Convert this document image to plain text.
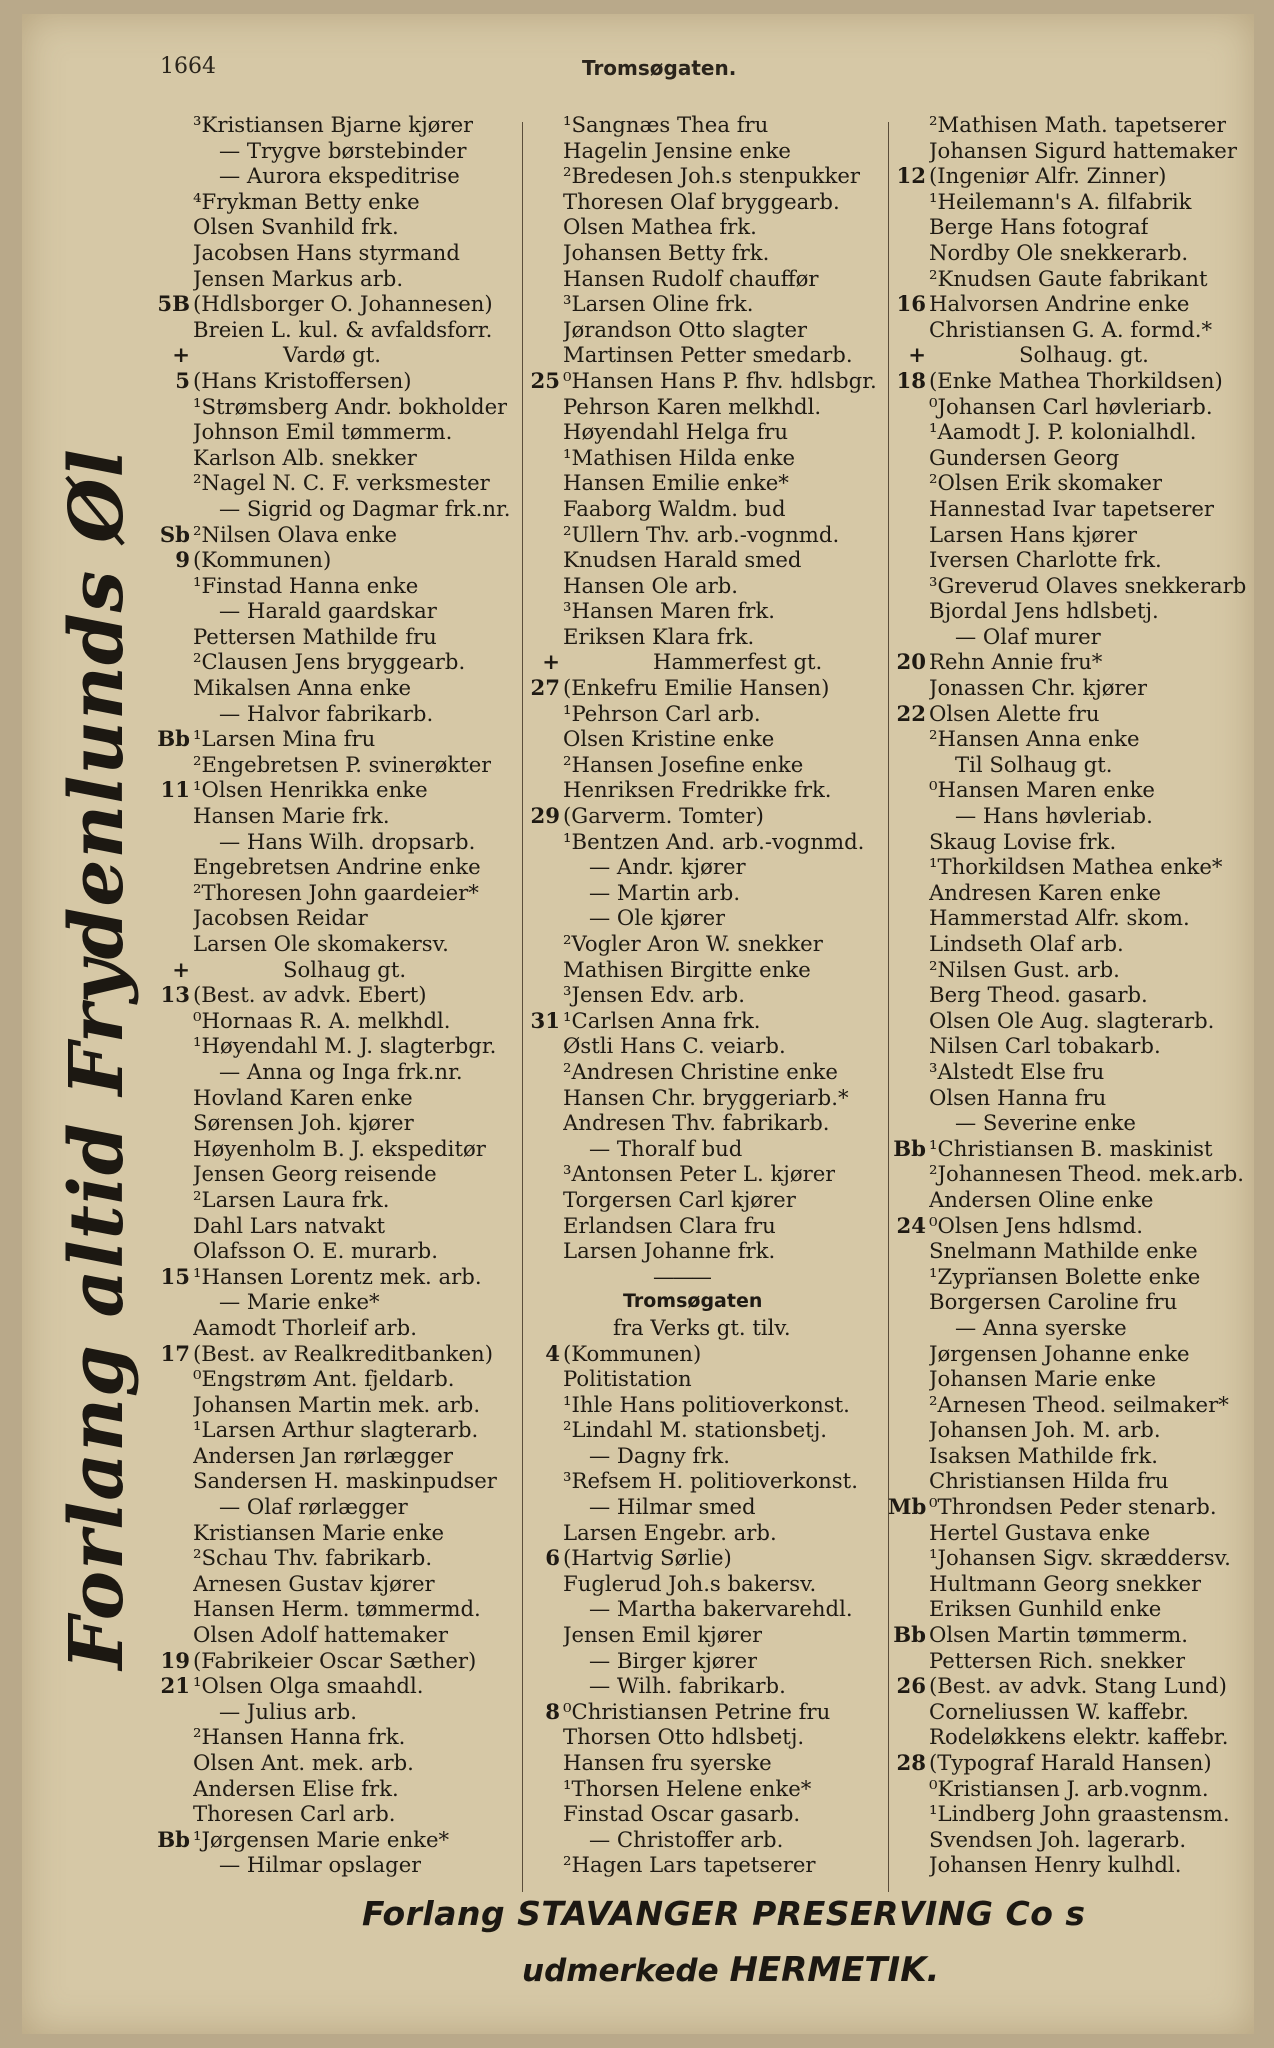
1664	Tromsøgaten.
Forlang altid Frydenlunds Øl
³Kristiansen Bjarne kjører
— Trygve børstebinder
— Aurora ekspeditrise
⁴Frykman Betty enke
Olsen Svanhild frk.
Jacobsen Hans styrmand
Jensen Markus arb.
5B (Hdlsborger O. Johannesen)
Breien L. kul. & avfaldsforr.
+	Vardø gt.
5 (Hans Kristoffersen)
¹Strømsberg Andr. bokholder
Johnson Emil tømmerm.
Karlson Alb. snekker
²Nagel N. C. F. verksmester
— Sigrid og Dagmar frk.nr.
Sb ²Nilsen Olava enke
9 (Kommunen)
¹Finstad Hanna enke
— Harald gaardskar
Pettersen Mathilde fru
²Clausen Jens bryggearb.
Mikalsen Anna enke
— Halvor fabrikarb.
Bb ¹Larsen Mina fru
²Engebretsen P. svinerøkter
11 ¹Olsen Henrikka enke
Hansen Marie frk.
— Hans Wilh. dropsarb.
Engebretsen Andrine enke
²Thoresen John gaardeier*
Jacobsen Reidar
Larsen Ole skomakersv.
+	Solhaug gt.
13 (Best. av advk. Ebert)
⁰Hornaas R. A. melkhdl.
¹Høyendahl M. J. slagterbgr.
— Anna og Inga frk.nr.
Hovland Karen enke
Sørensen Joh. kjører
Høyenholm B. J. ekspeditør
Jensen Georg reisende
²Larsen Laura frk.
Dahl Lars natvakt
Olafsson O. E. murarb.
15 ¹Hansen Lorentz mek. arb.
— Marie enke*
Aamodt Thorleif arb.
17 (Best. av Realkreditbanken)
⁰Engstrøm Ant. fjeldarb.
Johansen Martin mek. arb.
¹Larsen Arthur slagterarb.
Andersen Jan rørlægger
Sandersen H. maskinpudser
— Olaf rørlægger
Kristiansen Marie enke
²Schau Thv. fabrikarb.
Arnesen Gustav kjører
Hansen Herm. tømmermd.
Olsen Adolf hattemaker
19 (Fabrikeier Oscar Sæther)
21 ¹Olsen Olga smaahdl.
— Julius arb.
²Hansen Hanna frk.
Olsen Ant. mek. arb.
Andersen Elise frk.
Thoresen Carl arb.
Bb ¹Jørgensen Marie enke*
— Hilmar opslager
¹Sangnæs Thea fru
Hagelin Jensine enke
²Bredesen Joh.s stenpukker
Thoresen Olaf bryggearb.
Olsen Mathea frk.
Johansen Betty frk.
Hansen Rudolf chauffør
³Larsen Oline frk.
Jørandson Otto slagter
Martinsen Petter smedarb.
25 ⁰Hansen Hans P. fhv. hdlsbgr.
Pehrson Karen melkhdl.
Høyendahl Helga fru
¹Mathisen Hilda enke
Hansen Emilie enke*
Faaborg Waldm. bud
²Ullern Thv. arb.-vognmd.
Knudsen Harald smed
Hansen Ole arb.
³Hansen Maren frk.
Eriksen Klara frk.
+	Hammerfest gt.
27 (Enkefru Emilie Hansen)
¹Pehrson Carl arb.
Olsen Kristine enke
²Hansen Josefine enke
Henriksen Fredrikke frk.
29 (Garverm. Tomter)
¹Bentzen And. arb.-vognmd.
— Andr. kjører
— Martin arb.
— Ole kjører
²Vogler Aron W. snekker
Mathisen Birgitte enke
³Jensen Edv. arb.
31 ¹Carlsen Anna frk.
Østli Hans C. veiarb.
²Andresen Christine enke
Hansen Chr. bryggeriarb.*
Andresen Thv. fabrikarb.
— Thoralf bud
³Antonsen Peter L. kjører
Torgersen Carl kjører
Erlandsen Clara fru
Larsen Johanne frk.
———
Tromsøgaten
fra Verks gt. tilv.
4 (Kommunen)
Politistation
¹Ihle Hans politioverkonst.
²Lindahl M. stationsbetj.
— Dagny frk.
³Refsem H. politioverkonst.
— Hilmar smed
Larsen Engebr. arb.
6 (Hartvig Sørlie)
Fuglerud Joh.s bakersv.
— Martha bakervarehdl.
Jensen Emil kjører
— Birger kjører
— Wilh. fabrikarb.
8 ⁰Christiansen Petrine fru
Thorsen Otto hdlsbetj.
Hansen fru syerske
¹Thorsen Helene enke*
Finstad Oscar gasarb.
— Christoffer arb.
²Hagen Lars tapetserer
²Mathisen Math. tapetserer
Johansen Sigurd hattemaker
12 (Ingeniør Alfr. Zinner)
¹Heilemann's A. filfabrik
Berge Hans fotograf
Nordby Ole snekkerarb.
²Knudsen Gaute fabrikant
16 Halvorsen Andrine enke
Christiansen G. A. formd.*
+	Solhaug. gt.
18 (Enke Mathea Thorkildsen)
⁰Johansen Carl høvleriarb.
¹Aamodt J. P. kolonialhdl.
Gundersen Georg
²Olsen Erik skomaker
Hannestad Ivar tapetserer
Larsen Hans kjører
Iversen Charlotte frk.
³Greverud Olaves snekkerarb
Bjordal Jens hdlsbetj.
— Olaf murer
20 Rehn Annie fru*
Jonassen Chr. kjører
22 Olsen Alette fru
²Hansen Anna enke
Til Solhaug gt.
⁰Hansen Maren enke
— Hans høvleriab.
Skaug Lovise frk.
¹Thorkildsen Mathea enke*
Andresen Karen enke
Hammerstad Alfr. skom.
Lindseth Olaf arb.
²Nilsen Gust. arb.
Berg Theod. gasarb.
Olsen Ole Aug. slagterarb.
Nilsen Carl tobakarb.
³Alstedt Else fru
Olsen Hanna fru
— Severine enke
Bb ¹Christiansen B. maskinist
²Johannesen Theod. mek.arb.
Andersen Oline enke
24 ⁰Olsen Jens hdlsmd.
Snelmann Mathilde enke
¹Zyprïansen Bolette enke
Borgersen Caroline fru
— Anna syerske
Jørgensen Johanne enke
Johansen Marie enke
²Arnesen Theod. seilmaker*
Johansen Joh. M. arb.
Isaksen Mathilde frk.
Christiansen Hilda fru
Mb ⁰Throndsen Peder stenarb.
Hertel Gustava enke
¹Johansen Sigv. skræddersv.
Hultmann Georg snekker
Eriksen Gunhild enke
Bb Olsen Martin tømmerm.
Pettersen Rich. snekker
26 (Best. av advk. Stang Lund)
Corneliussen W. kaffebr.
Rodeløkkens elektr. kaffebr.
28 (Typograf Harald Hansen)
⁰Kristiansen J. arb.vognm.
¹Lindberg John graastensm.
Svendsen Joh. lagerarb.
Johansen Henry kulhdl.
Forlang STAVANGER PRESERVING Co s
udmerkede HERMETIK.
